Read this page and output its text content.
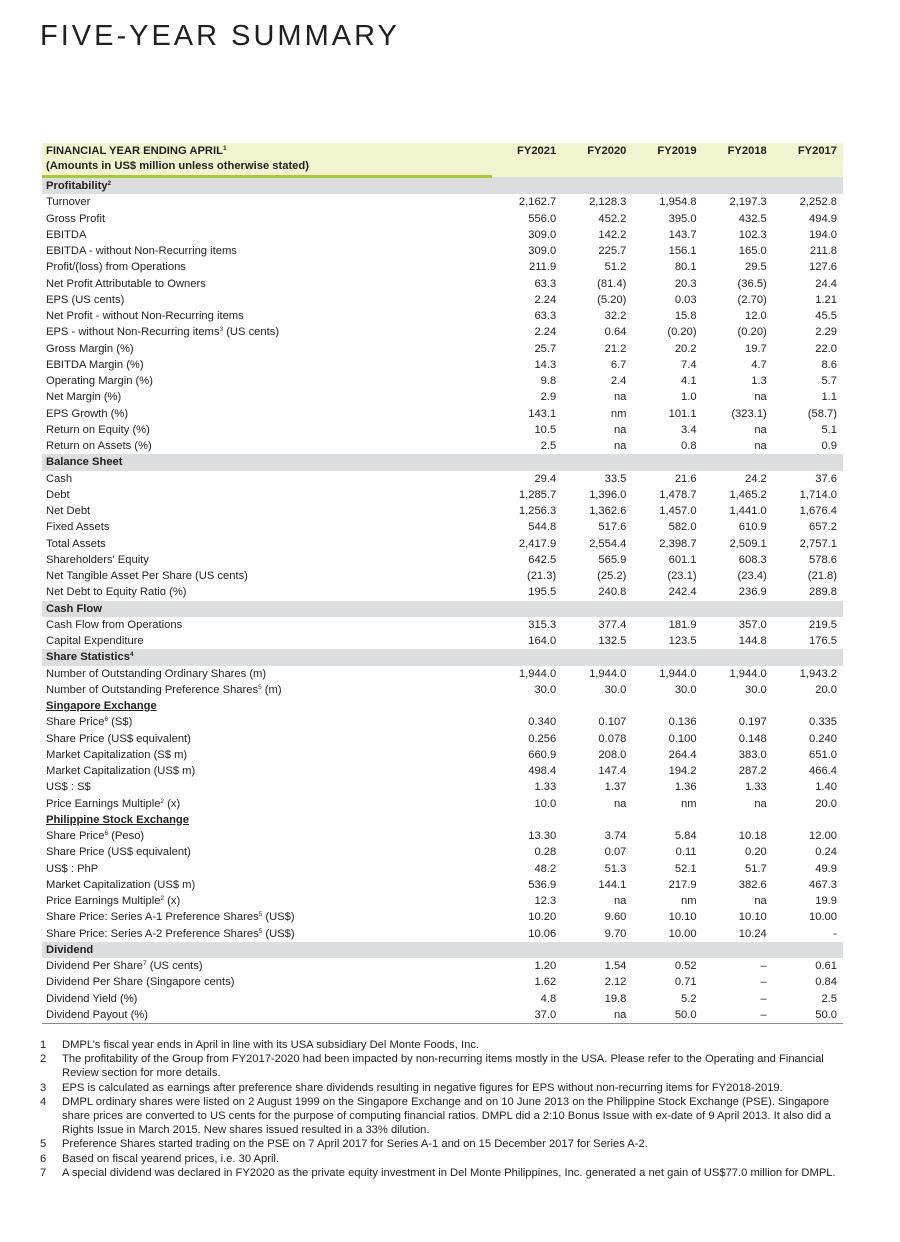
FIVE-YEAR SUMMARY
FINANCIAL YEAR ENDING APRIL$^1$	FY2021	FY2020	FY2019	FY2018	FY2017
(Amounts in US$ million unless otherwise stated)					
Profitability$^2$
Turnover	2,162.7	2,128.3	1,954.8	2,197.3	2,252.8
Gross Profit	556.0	452.2	395.0	432.5	494.9
EBITDA	309.0	142.2	143.7	102.3	194.0
EBITDA - without Non-Recurring items	309.0	225.7	156.1	165.0	211.8
Profit/(loss) from Operations	211.9	51.2	80.1	29.5	127.6
Net Profit Attributable to Owners	63.3	(81.4)	20.3	(36.5)	24.4
EPS (US cents)	2.24	(5.20)	0.03	(2.70)	1.21
Net Profit - without Non-Recurring items	63.3	32.2	15.8	12.0	45.5
EPS - without Non-Recurring items$^3$ (US cents)	2.24	0.64	(0.20)	(0.20)	2.29
Gross Margin (%)	25.7	21.2	20.2	19.7	22.0
EBITDA Margin (%)	14.3	6.7	7.4	4.7	8.6
Operating Margin (%)	9.8	2.4	4.1	1.3	5.7
Net Margin (%)	2.9	na	1.0	na	1.1
EPS Growth (%)	143.1	nm	101.1	(323.1)	(58.7)
Return on Equity (%)	10.5	na	3.4	na	5.1
Return on Assets (%)	2.5	na	0.8	na	0.9
Balance Sheet					
Cash	29.4	33.5	21.6	24.2	37.6
Debt	1,285.7	1,396.0	1,478.7	1,465.2	1,714.0
Net Debt	1,256.3	1,362.6	1,457.0	1,441.0	1,676.4
Fixed Assets	544.8	517.6	582.0	610.9	657.2
Total Assets	2,417.9	2,554.4	2,398.7	2,509.1	2,757.1
Shareholders' Equity	642.5	565.9	601.1	608.3	578.6
Net Tangible Asset Per Share (US cents)	(21.3)	(25.2)	(23.1)	(23.4)	(21.8)
Net Debt to Equity Ratio (%)	195.5	240.8	242.4	236.9	289.8
Cash Flow					
Cash Flow from Operations	315.3	377.4	181.9	357.0	219.5
Capital Expenditure	164.0	132.5	123.5	144.8	176.5
Share Statistics$^4$
Number of Outstanding Ordinary Shares (m)	1,944.0	1,944.0	1,944.0	1,944.0	1,943.2
Number of Outstanding Preference Shares$^5$ (m)	30.0	30.0	30.0	30.0	20.0
Singapore Exchange					
Share Price$^6$ (S$)	0.340	0.107	0.136	0.197	0.335
Share Price (US$ equivalent)	0.256	0.078	0.100	0.148	0.240
Market Capitalization (S$ m)	660.9	208.0	264.4	383.0	651.0
Market Capitalization (US$ m)	498.4	147.4	194.2	287.2	466.4
US$ : S$	1.33	1.37	1.36	1.33	1.40
Price Earnings Multiple$^2$ (x)	10.0	na	nm	na	20.0
Philippine Stock Exchange					
Share Price$^6$ (Peso)	13.30	3.74	5.84	10.18	12.00
Share Price (US$ equivalent)	0.28	0.07	0.11	0.20	0.24
US$ : PhP	48.2	51.3	52.1	51.7	49.9
Market Capitalization (US$ m)	536.9	144.1	217.9	382.6	467.3
Price Earnings Multiple$^2$ (x)	12.3	na	nm	na	19.9
Share Price: Series A-1 Preference Shares$^5$ (US$)	10.20	9.60	10.10	10.10	10.00
Share Price: Series A-2 Preference Shares$^5$ (US$)	10.06	9.70	10.00	10.24	-
Dividend					
Dividend Per Share$^7$ (US cents)	1.20	1.54	0.52	–	0.61
Dividend Per Share (Singapore cents)	1.62	2.12	0.71	–	0.84
Dividend Yield (%)	4.8	19.8	5.2	–	2.5
Dividend Payout (%)	37.0	na	50.0	–	50.0
1	DMPL’s fiscal year ends in April in line with its USA subsidiary Del Monte Foods, Inc.
2	The profitability of the Group from FY2017-2020 had been impacted by non-recurring items mostly in the USA. Please refer to the Operating and Financial Review section for more details.
3	EPS is calculated as earnings after preference share dividends resulting in negative figures for EPS without non-recurring items for FY2018-2019.
4	DMPL ordinary shares were listed on 2 August 1999 on the Singapore Exchange and on 10 June 2013 on the Philippine Stock Exchange (PSE). Singapore share prices are converted to US cents for the purpose of computing financial ratios. DMPL did a 2:10 Bonus Issue with ex-date of 9 April 2013. It also did a Rights Issue in March 2015. New shares issued resulted in a 33% dilution.
5	Preference Shares started trading on the PSE on 7 April 2017 for Series A-1 and on 15 December 2017 for Series A-2.
6	Based on fiscal yearend prices, i.e. 30 April.
7	A special dividend was declared in FY2020 as the private equity investment in Del Monte Philippines, Inc. generated a net gain of US$77.0 million for DMPL.
